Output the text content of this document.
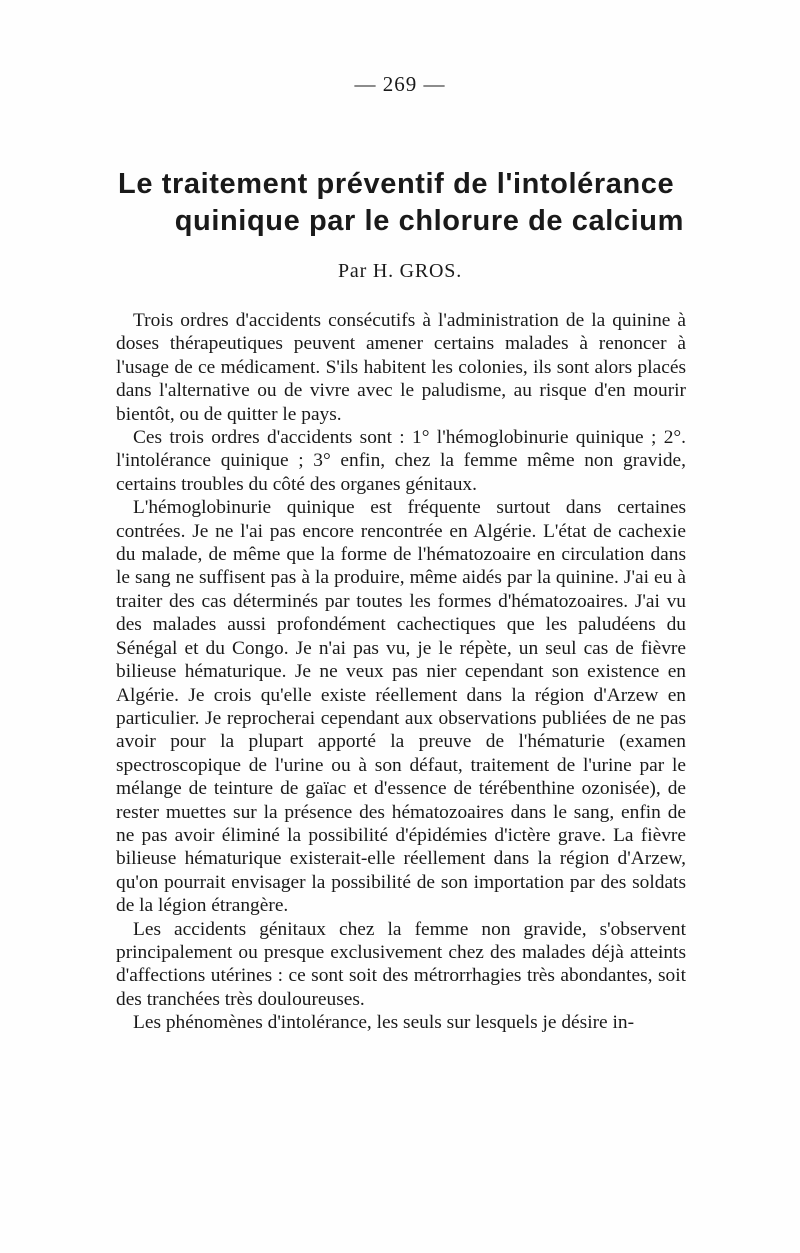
— 269 —
Le traitement préventif de l'intolérance
quinique par le chlorure de calcium
Par H. GROS.

Trois ordres d'accidents consécutifs à l'administration de la quinine à doses thérapeutiques peuvent amener certains malades à renoncer à l'usage de ce médicament. S'ils habitent les colonies, ils sont alors placés dans l'alternative ou de vivre avec le paludisme, au risque d'en mourir bientôt, ou de quitter le pays.

Ces trois ordres d'accidents sont : 1° l'hémoglobinurie quinique ; 2°. l'intolérance quinique ; 3° enfin, chez la femme même non gravide, certains troubles du côté des organes génitaux.

L'hémoglobinurie quinique est fréquente surtout dans certaines contrées. Je ne l'ai pas encore rencontrée en Algérie. L'état de cachexie du malade, de même que la forme de l'hématozoaire en circulation dans le sang ne suffisent pas à la produire, même aidés par la quinine. J'ai eu à traiter des cas déterminés par toutes les formes d'hématozoaires. J'ai vu des malades aussi profondément cachectiques que les paludéens du Sénégal et du Congo. Je n'ai pas vu, je le répète, un seul cas de fièvre bilieuse hématurique. Je ne veux pas nier cependant son existence en Algérie. Je crois qu'elle existe réellement dans la région d'Arzew en particulier. Je reprocherai cependant aux observations publiées de ne pas avoir pour la plupart apporté la preuve de l'hématurie (examen spectroscopique de l'urine ou à son défaut, traitement de l'urine par le mélange de teinture de gaïac et d'essence de térébenthine ozonisée), de rester muettes sur la présence des hématozoaires dans le sang, enfin de ne pas avoir éliminé la possibilité d'épidémies d'ictère grave. La fièvre bilieuse hématurique existerait-elle réellement dans la région d'Arzew, qu'on pourrait envisager la possibilité de son importation par des soldats de la légion étrangère.

Les accidents génitaux chez la femme non gravide, s'observent principalement ou presque exclusivement chez des malades déjà atteints d'affections utérines : ce sont soit des métrorrhagies très abondantes, soit des tranchées très douloureuses.

Les phénomènes d'intolérance, les seuls sur lesquels je désire in-
